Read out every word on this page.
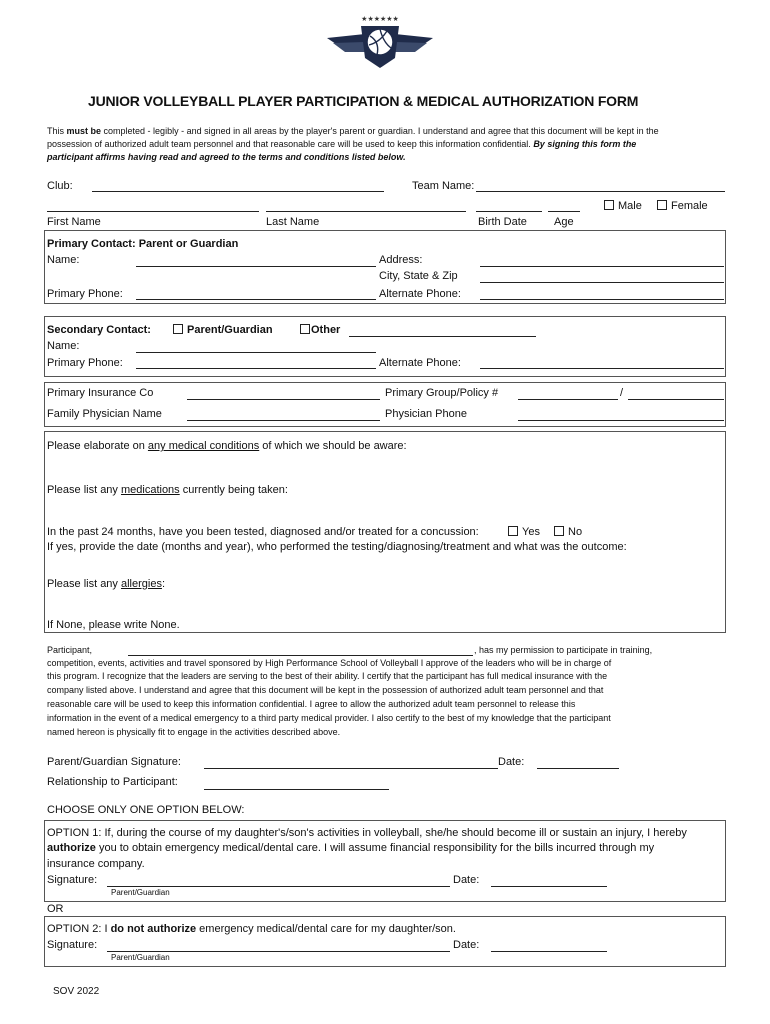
★★★★★★
JUNIOR VOLLEYBALL PLAYER PARTICIPATION & MEDICAL AUTHORIZATION FORM
This must be completed - legibly - and signed in all areas by the player's parent or guardian. I understand and agree that this document will be kept in the
possession of authorized adult team personnel and that reasonable care will be used to keep this information confidential. By signing this form the
participant affirms having read and agreed to the terms and conditions listed below.
Club:	Team Name:
Male	Female
First Name	Last Name	Birth Date Age
Primary Contact: Parent or Guardian
Name:	Address:
City, State & Zip
Primary Phone:	Alternate Phone:
Secondary Contact:	Parent/Guardian	Other
Name:
Primary Phone:	Alternate Phone:
Primary Insurance Co	Primary Group/Policy #	/
Family Physician Name	Physician Phone
Please elaborate on any medical conditions of which we should be aware:
Please list any medications currently being taken:
In the past 24 months, have you been tested, diagnosed and/or treated for a concussion:	Yes	No
If yes, provide the date (months and year), who performed the testing/diagnosing/treatment and what was the outcome:
Please list any allergies:
If None, please write None.
Participant,	, has my permission to participate in training,
competition, events, activities and travel sponsored by High Performance School of Volleyball I approve of the leaders who will be in charge of
this program. I recognize that the leaders are serving to the best of their ability. I certify that the participant has full medical insurance with the
company listed above. I understand and agree that this document will be kept in the possession of authorized adult team personnel and that
reasonable care will be used to keep this information confidential. I agree to allow the authorized adult team personnel to release this
information in the event of a medical emergency to a third party medical provider. I also certify to the best of my knowledge that the participant
named hereon is physically fit to engage in the activities described above.
Parent/Guardian Signature:	Date:
Relationship to Participant:
CHOOSE ONLY ONE OPTION BELOW:
OPTION 1: If, during the course of my daughter's/son's activities in volleyball, she/he should become ill or sustain an injury, I hereby
authorize you to obtain emergency medical/dental care. I will assume financial responsibility for the bills incurred through my
insurance company.
Signature:	Date:
Parent/Guardian
OR
OPTION 2: I do not authorize emergency medical/dental care for my daughter/son.
Signature:	Date:
Parent/Guardian
SOV 2022
